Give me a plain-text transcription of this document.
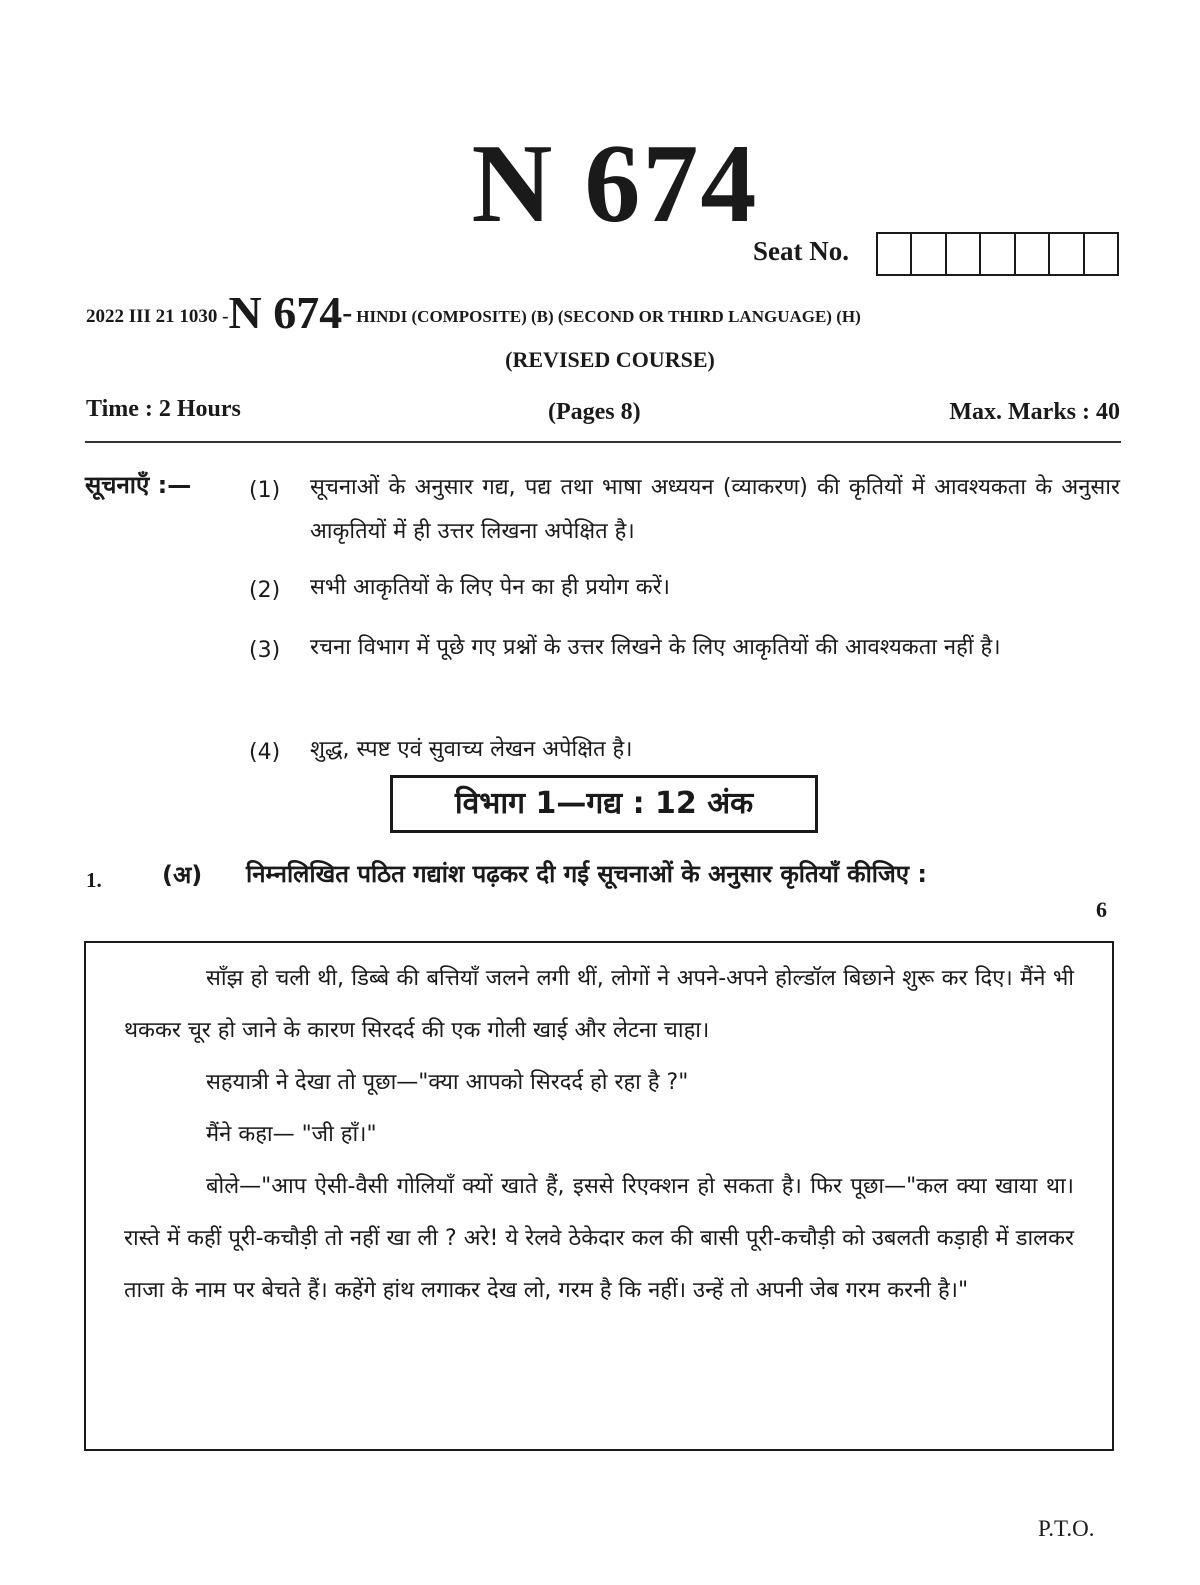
N 674
Seat No.
2022 III 21 1030 -N 674- HINDI (COMPOSITE) (B) (SECOND OR THIRD LANGUAGE) (H)
(REVISED COURSE)
Time : 2 Hours	(Pages 8)	Max. Marks : 40
सूचनाएँ :—	(1) सूचनाओं के अनुसार गद्य, पद्य तथा भाषा अध्ययन (व्याकरण) की कृतियों में आवश्यकता के अनुसार आकृतियों में ही उत्तर लिखना अपेक्षित है।
(2) सभी आकृतियों के लिए पेन का ही प्रयोग करें।
(3) रचना विभाग में पूछे गए प्रश्नों के उत्तर लिखने के लिए आकृतियों की आवश्यकता नहीं है।
(4) शुद्ध, स्पष्ट एवं सुवाच्य लेखन अपेक्षित है।
विभाग 1—गद्य : 12 अंक
1.	(अ) निम्नलिखित पठित गद्यांश पढ़कर दी गई सूचनाओं के अनुसार कृतियाँ कीजिए :
6

साँझ हो चली थी, डिब्बे की बत्तियाँ जलने लगी थीं, लोगों ने अपने-अपने होल्डॉल बिछाने शुरू कर दिए। मैंने भी थककर चूर हो जाने के कारण सिरदर्द की एक गोली खाई और लेटना चाहा।

सहयात्री ने देखा तो पूछा—"क्या आपको सिरदर्द हो रहा है ?"

मैंने कहा— "जी हाँ।"

बोले—"आप ऐसी-वैसी गोलियाँ क्यों खाते हैं, इससे रिएक्शन हो सकता है। फिर पूछा—"कल क्या खाया था। रास्ते में कहीं पूरी-कचौड़ी तो नहीं खा ली ? अरे! ये रेलवे ठेकेदार कल की बासी पूरी-कचौड़ी को उबलती कड़ाही में डालकर ताजा के नाम पर बेचते हैं। कहेंगे हांथ लगाकर देख लो, गरम है कि नहीं। उन्हें तो अपनी जेब गरम करनी है।"

P.T.O.
